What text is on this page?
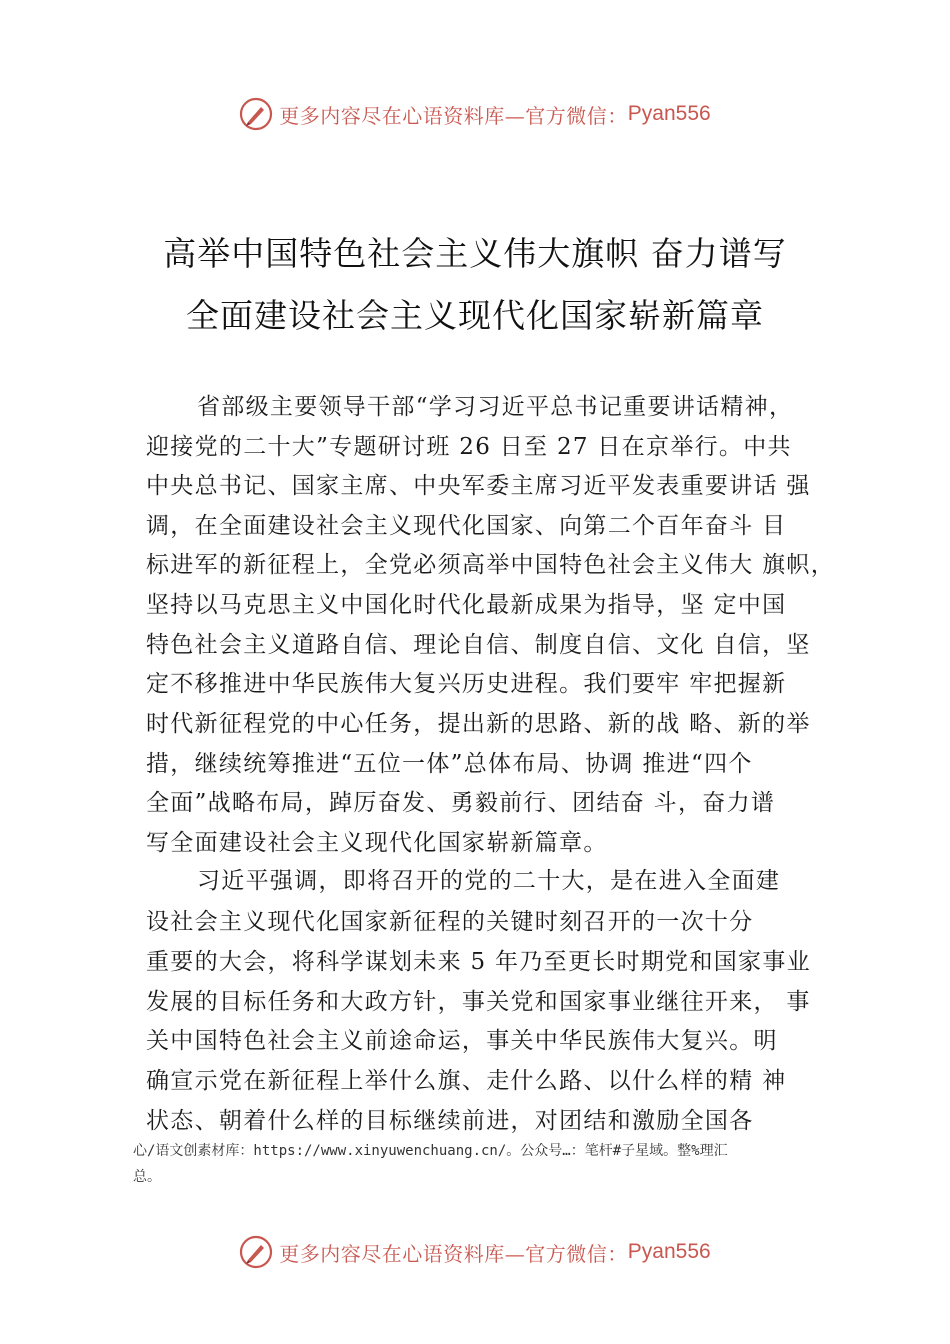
更多内容尽在心语资料库—官方微信： Pyan556
高举中国特色社会主义伟大旗帜 奋力谱写
全面建设社会主义现代化国家崭新篇章
省部级主要领导干部“学习习近平总书记重要讲话精神，
迎接党的二十大”专题研讨班 26 日至 27 日在京举行。中共
中央总书记、国家主席、中央军委主席习近平发表重要讲话 强
调，在全面建设社会主义现代化国家、向第二个百年奋斗 目
标进军的新征程上，全党必须高举中国特色社会主义伟大 旗帜，
坚持以马克思主义中国化时代化最新成果为指导，坚 定中国
特色社会主义道路自信、理论自信、制度自信、文化 自信，坚
定不移推进中华民族伟大复兴历史进程。我们要牢 牢把握新
时代新征程党的中心任务，提出新的思路、新的战 略、新的举
措，继续统筹推进“五位一体”总体布局、协调 推进“四个
全面”战略布局，踔厉奋发、勇毅前行、团结奋 斗，奋力谱
写全面建设社会主义现代化国家崭新篇章。
习近平强调，即将召开的党的二十大，是在进入全面建
设社会主义现代化国家新征程的关键时刻召开的一次十分
重要的大会，将科学谋划未来 5 年乃至更长时期党和国家事业
发展的目标任务和大政方针，事关党和国家事业继往开来， 事
关中国特色社会主义前途命运，事关中华民族伟大复兴。明
确宣示党在新征程上举什么旗、走什么路、以什么样的精 神
状态、朝着什么样的目标继续前进，对团结和激励全国各
心/语文创素材库：https://www.xinyuwenchuang.cn/。公众号…：笔杆#子星域。整%理汇
总。
更多内容尽在心语资料库—官方微信： Pyan556
